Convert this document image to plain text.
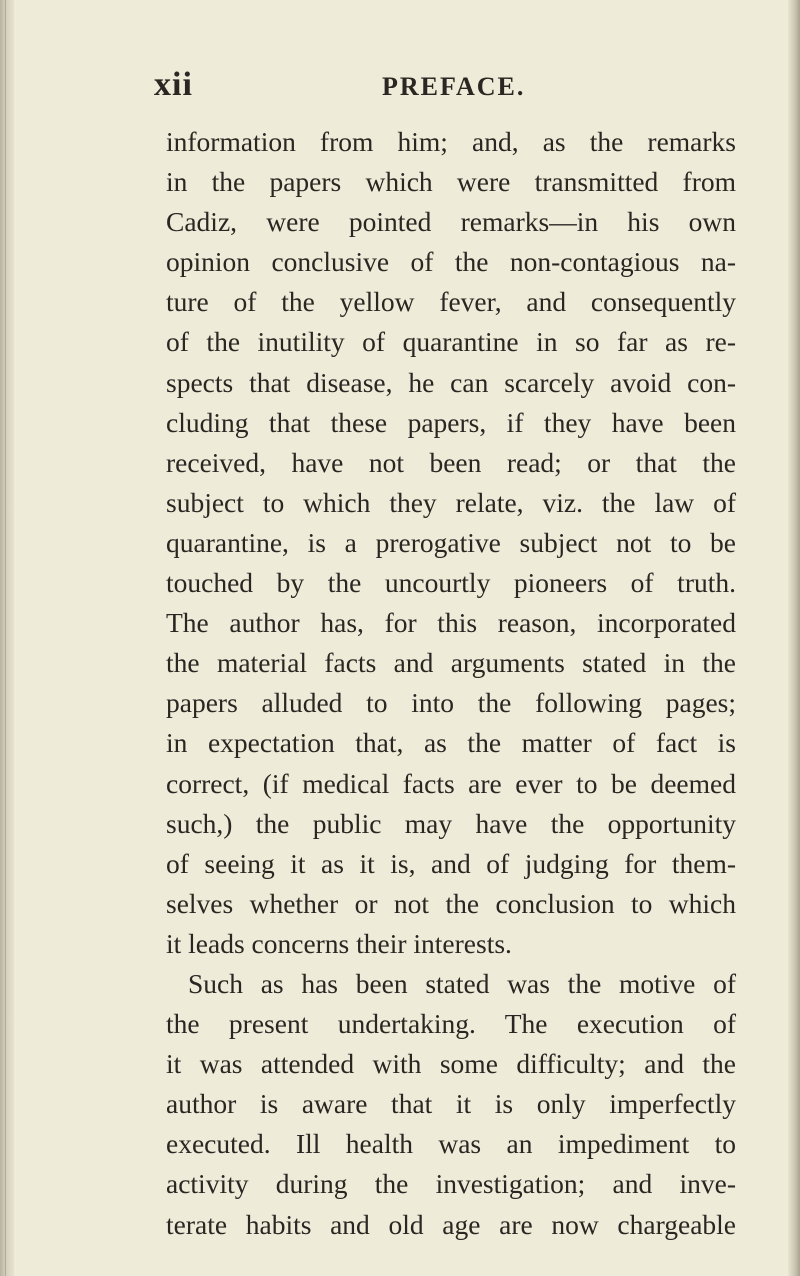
xii	PREFACE.
information from him; and, as the remarks
in the papers which were transmitted from
Cadiz, were pointed remarks—in his own
opinion conclusive of the non-contagious na-
ture of the yellow fever, and consequently
of the inutility of quarantine in so far as re-
spects that disease, he can scarcely avoid con-
cluding that these papers, if they have been
received, have not been read; or that the
subject to which they relate, viz. the law of
quarantine, is a prerogative subject not to be
touched by the uncourtly pioneers of truth.
The author has, for this reason, incorporated
the material facts and arguments stated in the
papers alluded to into the following pages;
in expectation that, as the matter of fact is
correct, (if medical facts are ever to be deemed
such,) the public may have the opportunity
of seeing it as it is, and of judging for them-
selves whether or not the conclusion to which
it leads concerns their interests.
Such as has been stated was the motive of
the present undertaking. The execution of
it was attended with some difficulty; and the
author is aware that it is only imperfectly
executed. Ill health was an impediment to
activity during the investigation; and inve-
terate habits and old age are now chargeable
